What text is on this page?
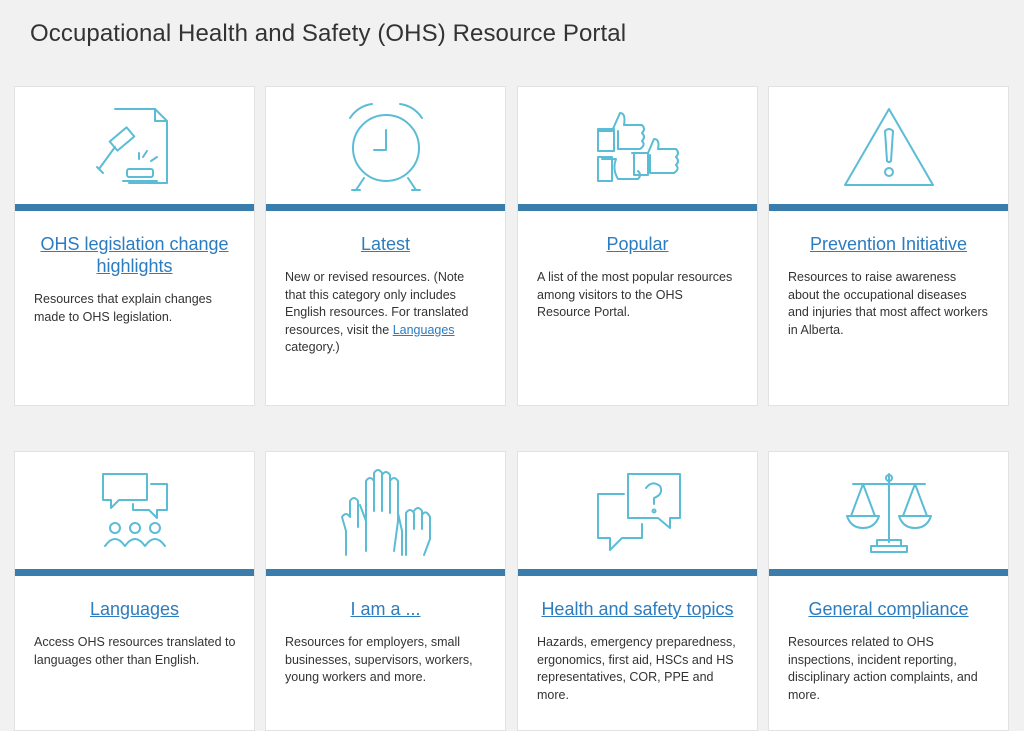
Occupational Health and Safety (OHS) Resource Portal
OHS legislation change highlights

Resources that explain changes made to OHS legislation.

Latest

New or revised resources. (Note that this category only includes English resources. For translated resources, visit the Languages category.)

Popular

A list of the most popular resources among visitors to the OHS Resource Portal.

Prevention Initiative

Resources to raise awareness about the occupational diseases and injuries that most affect workers in Alberta.

Languages

Access OHS resources translated to languages other than English.

I am a ...

Resources for employers, small businesses, supervisors, workers, young workers and more.

Health and safety topics

Hazards, emergency preparedness, ergonomics, first aid, HSCs and HS representatives, COR, PPE and more.

General compliance

Resources related to OHS inspections, incident reporting, disciplinary action complaints, and more.
